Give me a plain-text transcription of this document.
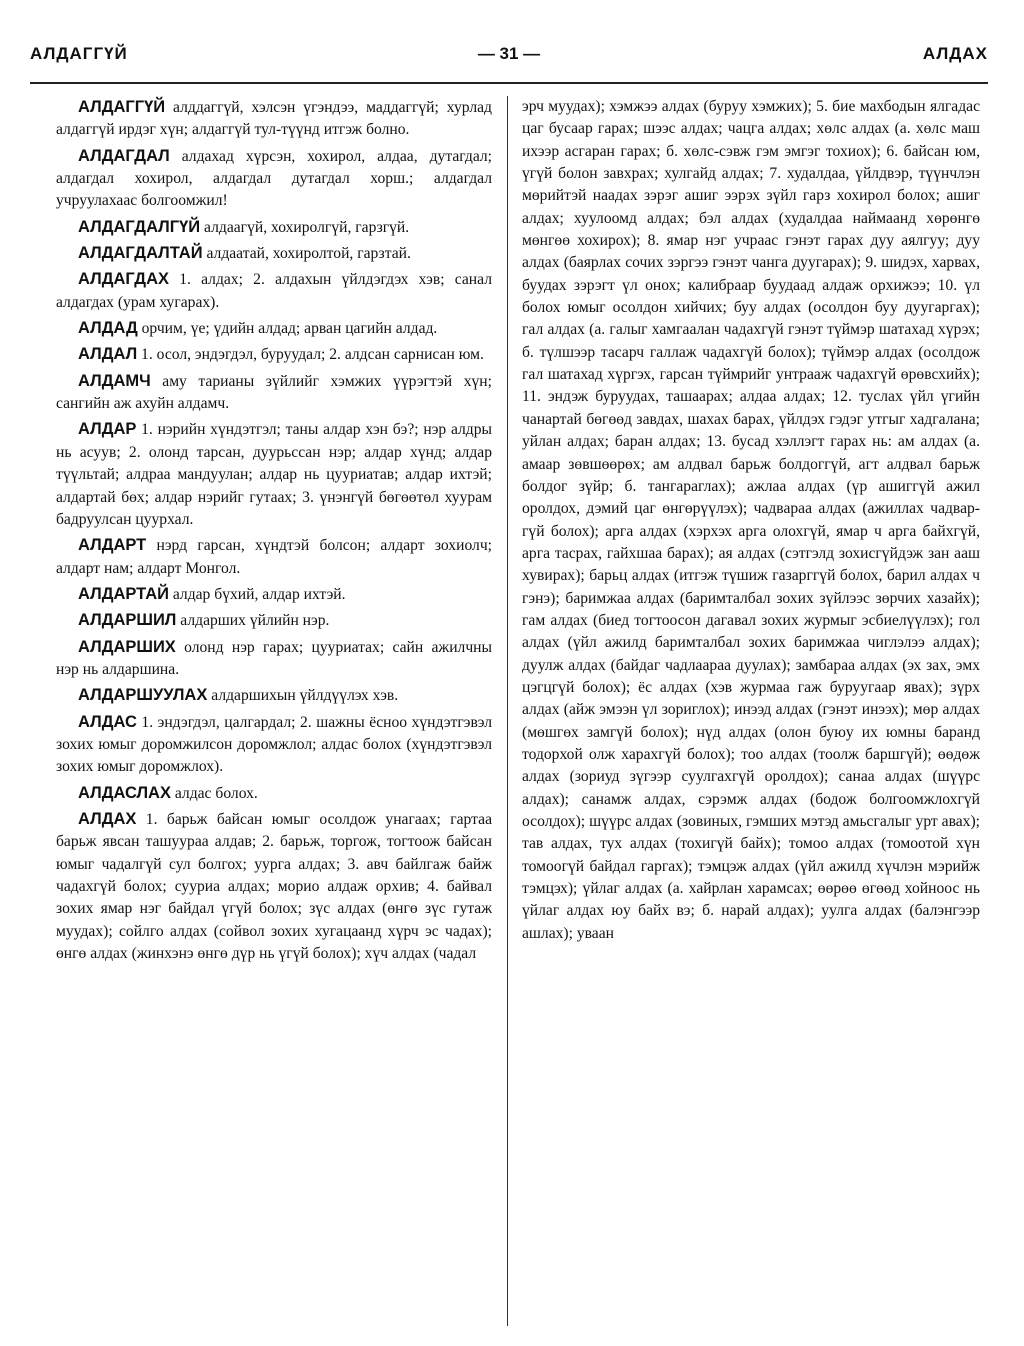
АЛДАГГҮЙ	— 31 —	АЛДАХ

АЛДАГГҮЙ алддаггүй, хэлсэн үгэндээ, маддаггүй; хурлад алдаггүй ирдэг хүн; алдаггүй тул-түүнд итгэж болно.

АЛДАГДАЛ алдахад хүрсэн, хохирол, алдаа, дутагдал; алдагдал хохирол, алдагдал дутагдал хорш.; алдагдал учруулахаас болгоомжил!

АЛДАГДАЛГҮЙ алдаагүй, хохиролгүй, гарзгүй.

АЛДАГДАЛТАЙ алдаатай, хохиролтой, гарзтай.

АЛДАГДАХ 1. алдах; 2. алдахын үйлдэгдэх хэв; санал алдагдах (урам хугарах).

АЛДАД орчим, үе; үдийн алдад; арван цагийн алдад.

АЛДАЛ 1. осол, эндэгдэл, буруудал; 2. алдсан сарнисан юм.

АЛДАМЧ аму тарианы зүйлийг хэмжих үүрэгтэй хүн; сангийн аж ахуйн алдамч.

АЛДАР 1. нэрийн хүндэтгэл; таны алдар хэн бэ?; нэр алдры нь асуув; 2. олонд тарсан, дуурьссан нэр; алдар хүнд; алдар түүльтай; алдраа мандуулан; алдар нь цууриатав; алдар ихтэй; алдартай бөх; алдар нэрийг гутаах; 3. үнэнгүй бөгөөтөл хуурам бадруулсан цуурхал.

АЛДАРТ нэрд гарсан, хүндтэй болсон; алдарт зохиолч; алдарт нам; алдарт Монгол.

АЛДАРТАЙ алдар бүхий, алдар ихтэй.

АЛДАРШИЛ алдарших үйлийн нэр.

АЛДАРШИХ олонд нэр гарах; цууриатах; сайн ажилчны нэр нь алдаршина.

АЛДАРШУУЛАХ алдаршихын үйлдүүлэх хэв.

АЛДАС 1. эндэгдэл, цалгардал; 2. шажны ёсноо хүндэтгэвэл зохих юмыг доромжилсон доромжлол; алдас болох (хүндэтгэвэл зохих юмыг доромжлох).

АЛДАСЛАХ алдас болох.

АЛДАХ 1. барьж байсан юмыг осолдож унагаах; гартаа барьж явсан ташуураа алдав; 2. барьж, торгож, тогтоож байсан юмыг чадалгүй сул болгох; уурга алдах; 3. авч байлгаж байж чадахгүй болох; сууриа алдах; морио алдаж орхив; 4. байвал зохих ямар нэг байдал үгүй болох; зүс алдах (өнгө зүс гутаж муудах); сойлго алдах (сойвол зохих хугацаанд хүрч эс чадах); өнгө алдах (жинхэнэ өнгө дүр нь үгүй болох); хүч алдах (чадал

эрч муудах); хэмжээ алдах (буруу хэмжих); 5. бие махбодын ялгадас цаг бусаар гарах; шээс алдах; чацга алдах; хөлс алдах (а. хөлс маш ихээр асгаран гарах; б. хөлс-сэвж гэм эмгэг тохиох); 6. байсан юм, үгүй болон завхрах; хулгайд алдах; 7. худалдаа, үйлдвэр, түүнчлэн мөрийтэй наадах зэрэг ашиг ээрэх зүйл гарз хохирол болох; ашиг алдах; хуулоомд алдах; бэл алдах (худалдаа наймаанд хөрөнгө мөнгөө хохирох); 8. ямар нэг учраас гэнэт гарах дуу аялгуу; дуу алдах (баярлах сочих зэргээ гэнэт чанга дуугарах); 9. шидэх, харвах, буудах зэрэгт үл онох; калибраар буудаад алдаж орхижээ; 10. үл болох юмыг осолдон хийчих; буу алдах (осолдон буу дуугаргах); гал алдах (а. галыг хамгаалан чадахгүй гэнэт түймэр шатахад хүрэх; б. түлшээр тасарч галлаж чадахгүй болох); түймэр алдах (осолдож гал шатахад хүргэх, гарсан түймрийг унтрааж чадахгүй өрөвсхийх); 11. эндэж буруудах, ташаарах; алдаа алдах; 12. туслах үйл үгийн чанартай бөгөөд завдах, шахах барах, үйлдэх гэдэг утгыг хадгалана; уйлан алдах; баран алдах; 13. бусад хэллэгт гарах нь: ам алдах (а. амаар зөвшөөрөх; ам алдвал барьж болдоггүй, агт алдвал барьж болдог зүйр; б. тангараглах); ажлаа алдах (үр ашиггүй ажил оролдох, дэмий цаг өнгөрүүлэх); чадвараа алдах (ажиллах чадвар-гүй болох); арга алдах (хэрхэх арга олохгүй, ямар ч арга байхгүй, арга тасрах, гайхшаа барах); ая алдах (сэтгэлд зохисгүйдэж зан ааш хувирах); барьц алдах (итгэж түшиж газарггүй болох, барил алдах ч гэнэ); баримжаа алдах (баримталбал зохих зүйлээс зөрчих хазайх); гам алдах (биед тогтоосон дагавал зохих журмыг эсбиелүүлэх); гол алдах (үйл ажилд баримталбал зохих баримжаа чиглэлээ алдах); дуулж алдах (байдаг чадлаараа дуулах); замбараа алдах (эх зах, эмх цэгцгүй болох); ёс алдах (хэв журмаа гаж буруугаар явах); зүрх алдах (айж эмээн үл зориглох); инээд алдах (гэнэт инээх); мөр алдах (мөшгөх замгүй болох); нүд алдах (олон буюу их юмны баранд тодорхой олж харахгүй болох); тоо алдах (тоолж баршгүй); өөдөж алдах (зориуд зүгээр суулгахгүй оролдох); санаа алдах (шүүрс алдах); санамж алдах, сэрэмж алдах (бодож болгоомжлохгүй осолдох); шүүрс алдах (зовиных, гэмших мэтэд амьсгалыг урт авах); тав алдах, тух алдах (тохигүй байх); томоо алдах (томоотой хүн томоогүй байдал гаргах); тэмцэж алдах (үйл ажилд хүчлэн мэрийж тэмцэх); үйлаг алдах (а. хайрлан харамсах; өөрөө өгөөд хойноос нь үйлаг алдах юу байх вэ; б. нарай алдах); уулга алдах (балэнгээр ашлах); уваан
